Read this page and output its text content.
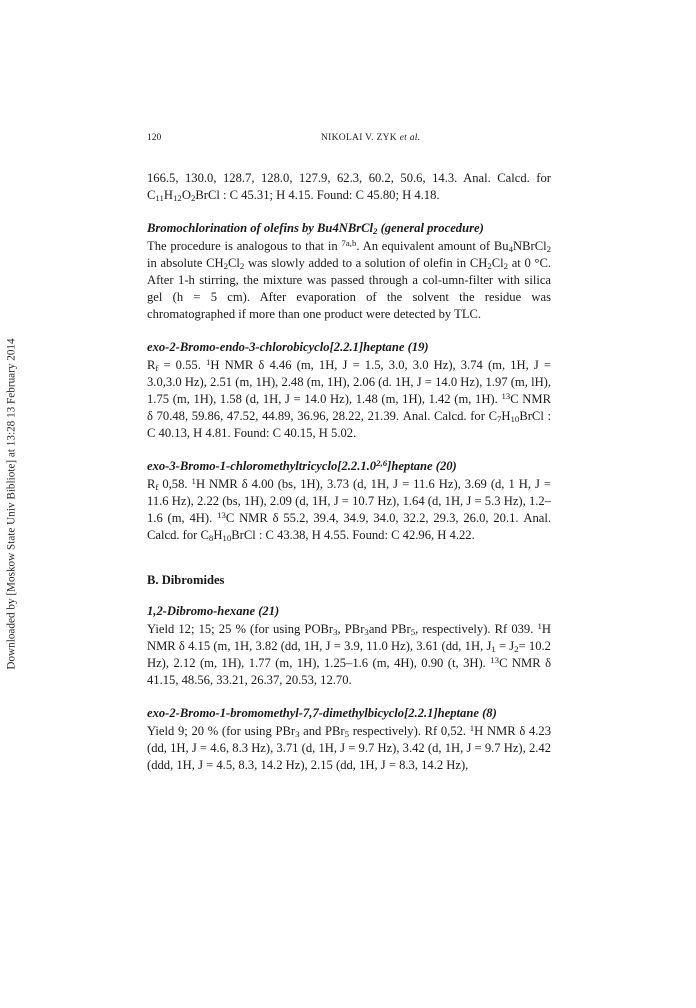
Downloaded by [Moskow State Univ Bibliote] at 13:28 13 February 2014
120	NIKOLAI V. ZYK et al.

166.5, 130.0, 128.7, 128.0, 127.9, 62.3, 60.2, 50.6, 14.3. Anal. Calcd. for $C_{11}H_{12}O_2BrCl$ : C 45.31; H 4.15. Found: C 45.80; H 4.18.

Bromochlorination of olefins by Bu4NBrCl$_2$ (general procedure)

The procedure is analogous to that in $^{7a,b}$. An equivalent amount of $Bu_4NBrCl_2$ in absolute $CH_2Cl_2$ was slowly added to a solution of olefin in $CH_2Cl_2$ at 0 °C. After 1-h stirring, the mixture was passed through a col-umn-filter with silica gel (h = 5 cm). After evaporation of the solvent the residue was chromatographed if more than one product were detected by TLC.

exo-2-Bromo-endo-3-chlorobicyclo[2.2.1]heptane (19)

$R_f = 0.55$. $^1$H NMR δ 4.46 (m, 1H, J = 1.5, 3.0, 3.0 Hz), 3.74 (m, 1H, J = 3.0,3.0 Hz), 2.51 (m, 1H), 2.48 (m, 1H), 2.06 (d. 1H, J = 14.0 Hz), 1.97 (m, lH), 1.75 (m, 1H), 1.58 (d, 1H, J = 14.0 Hz), 1.48 (m, 1H), 1.42 (m, 1H). $^{13}$C NMR δ 70.48, 59.86, 47.52, 44.89, 36.96, 28.22, 21.39. Anal. Calcd. for $C_7H_{10}BrCl$ : C 40.13, H 4.81. Found: C 40.15, H 5.02.

exo-3-Bromo-1-chloromethyltricyclo[2.2.1.0$^{2,6}$]heptane (20)

$R_f$ 0,58. $^1$H NMR δ 4.00 (bs, 1H), 3.73 (d, 1H, J = 11.6 Hz), 3.69 (d, 1 H, J = 11.6 Hz), 2.22 (bs, 1H), 2.09 (d, 1H, J = 10.7 Hz), 1.64 (d, 1H, J = 5.3 Hz), 1.2–1.6 (m, 4H). $^{13}$C NMR δ 55.2, 39.4, 34.9, 34.0, 32.2, 29.3, 26.0, 20.1. Anal. Calcd. for $C_8H_{10}BrCl$ : C 43.38, H 4.55. Found: C 42.96, H 4.22.

B. Dibromides

1,2-Dibromo-hexane (21)

Yield 12; 15; 25 % (for using POBr$_3$, PBr$_3$and PBr$_5$, respectively). Rf 039. $^1$H NMR δ 4.15 (m, 1H, 3.82 (dd, 1H, J = 3.9, 11.0 Hz), 3.61 (dd, 1H, $J_1 = J_2= 10.2$ Hz), 2.12 (m, 1H), 1.77 (m, 1H), 1.25–1.6 (m, 4H), 0.90 (t, 3H). $^{13}$C NMR δ 41.15, 48.56, 33.21, 26.37, 20.53, 12.70.

exo-2-Bromo-1-bromomethyl-7,7-dimethylbicyclo[2.2.1]heptane (8)

Yield 9; 20 % (for using PBr$_3$ and PBr$_5$ respectively). Rf 0,52. $^1$H NMR δ 4.23 (dd, 1H, J = 4.6, 8.3 Hz), 3.71 (d, 1H, J = 9.7 Hz), 3.42 (d, 1H, J = 9.7 Hz), 2.42 (ddd, 1H, J = 4.5, 8.3, 14.2 Hz), 2.15 (dd, 1H, J = 8.3, 14.2 Hz),
